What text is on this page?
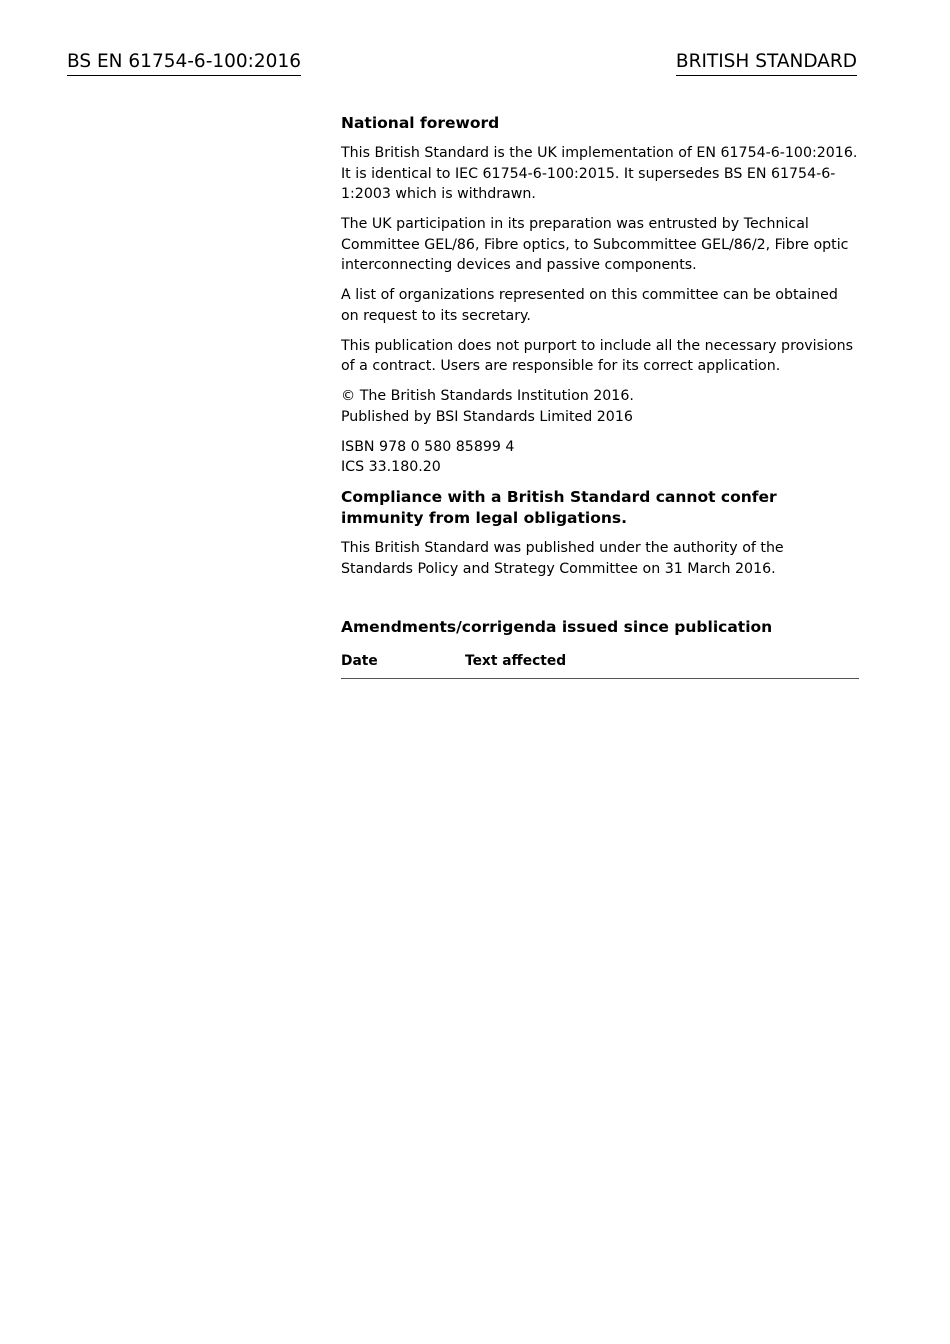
BS EN 61754-6-100:2016	BRITISH STANDARD
National foreword

This British Standard is the UK implementation of EN 61754-6-100:2016.
It is identical to IEC 61754-6-100:2015. It supersedes BS EN 61754-6-1:2003 which is withdrawn.

The UK participation in its preparation was entrusted by Technical Committee GEL/86, Fibre optics, to Subcommittee GEL/86/2, Fibre optic interconnecting devices and passive components.

A list of organizations represented on this committee can be obtained on request to its secretary.

This publication does not purport to include all the necessary provisions of a contract. Users are responsible for its correct application.

© The British Standards Institution 2016.
Published by BSI Standards Limited 2016

ISBN 978 0 580 85899 4
ICS 33.180.20

Compliance with a British Standard cannot confer immunity from legal obligations.

This British Standard was published under the authority of the Standards Policy and Strategy Committee on 31 March 2016.

Amendments/corrigenda issued since publication
Date	Text affected
